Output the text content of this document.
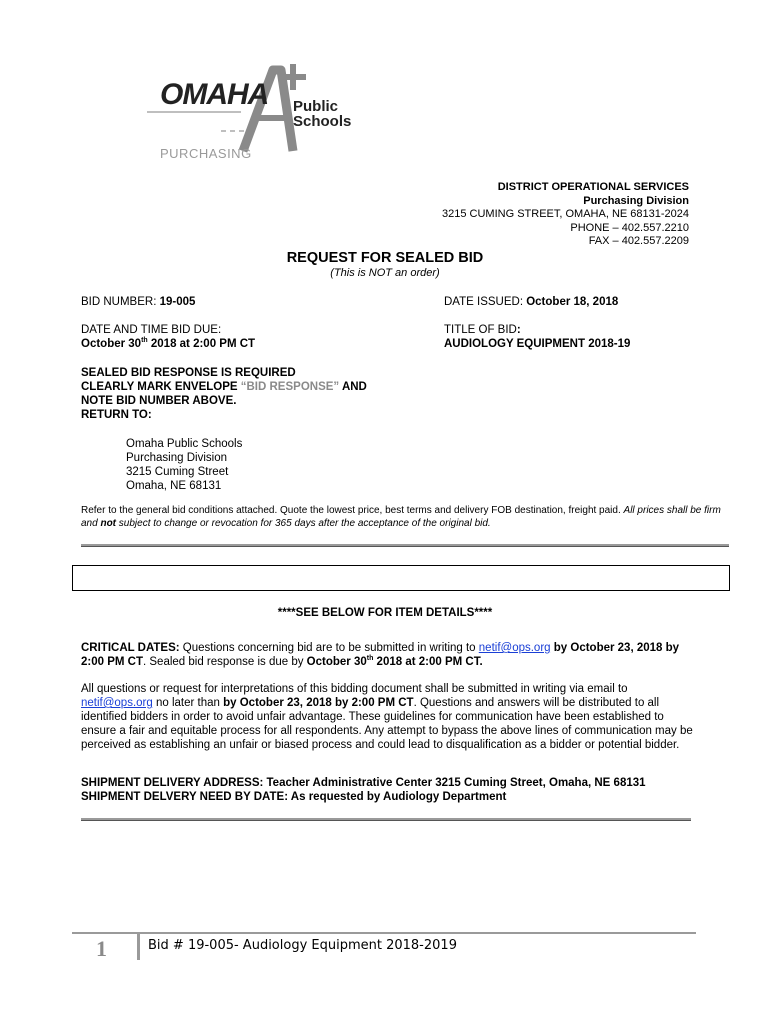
OMAHA Public
Schools
PURCHASING
DISTRICT OPERATIONAL SERVICES
Purchasing Division
3215 CUMING STREET, OMAHA, NE 68131-2024
PHONE – 402.557.2210
FAX – 402.557.2209
REQUEST FOR SEALED BID
(This is NOT an order)
BID NUMBER: 19-005	DATE ISSUED: October 18, 2018
DATE AND TIME BID DUE:
October 30th 2018 at 2:00 PM CT
TITLE OF BID:
AUDIOLOGY EQUIPMENT 2018-19
SEALED BID RESPONSE IS REQUIRED
CLEARLY MARK ENVELOPE “BID RESPONSE” AND
NOTE BID NUMBER ABOVE.
RETURN TO:
Omaha Public Schools
Purchasing Division
3215 Cuming Street
Omaha, NE 68131
Refer to the general bid conditions attached. Quote the lowest price, best terms and delivery FOB destination, freight paid. All prices shall be firm and not subject to change or revocation for 365 days after the acceptance of the original bid.
****SEE BELOW FOR ITEM DETAILS****
CRITICAL DATES: Questions concerning bid are to be submitted in writing to netif@ops.org by October 23, 2018 by 2:00 PM CT. Sealed bid response is due by October 30th 2018 at 2:00 PM CT.
All questions or request for interpretations of this bidding document shall be submitted in writing via email to netif@ops.org no later than by October 23, 2018 by 2:00 PM CT. Questions and answers will be distributed to all identified bidders in order to avoid unfair advantage. These guidelines for communication have been established to ensure a fair and equitable process for all respondents. Any attempt to bypass the above lines of communication may be perceived as establishing an unfair or biased process and could lead to disqualification as a bidder or potential bidder.
SHIPMENT DELIVERY ADDRESS: Teacher Administrative Center 3215 Cuming Street, Omaha, NE 68131
SHIPMENT DELVERY NEED BY DATE: As requested by Audiology Department
1	Bid # 19-005- Audiology Equipment 2018-2019
